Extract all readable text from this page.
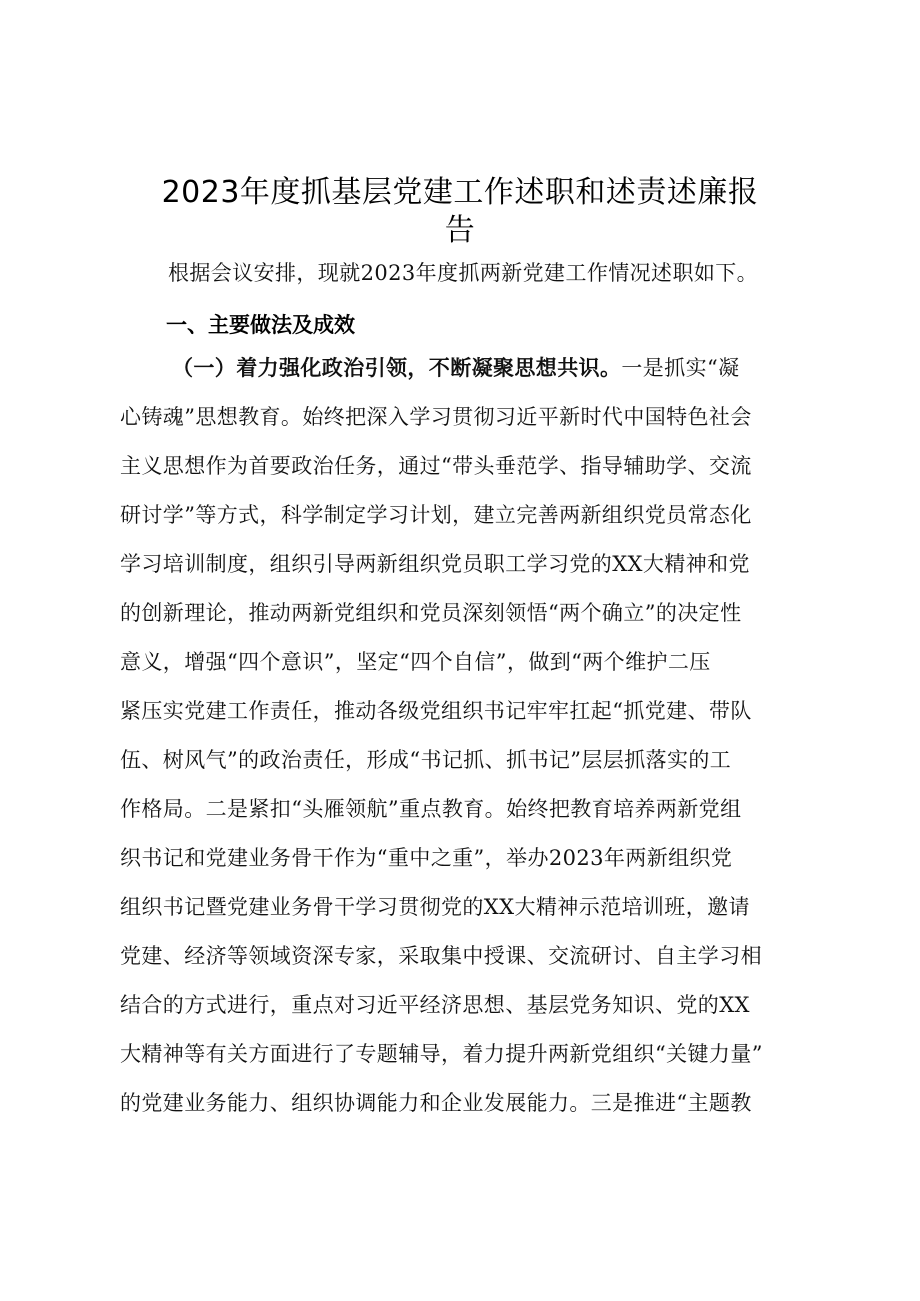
2023年度抓基层党建工作述职和述责述廉报
告
根据会议安排，现就2023年度抓两新党建工作情况述职如下。
一、主要做法及成效
（一）着力强化政治引领，不断凝聚思想共识。一是抓实“凝
心铸魂”思想教育。始终把深入学习贯彻习近平新时代中国特色社会
主义思想作为首要政治任务，通过“带头垂范学、指导辅助学、交流
研讨学”等方式，科学制定学习计划，建立完善两新组织党员常态化
学习培训制度，组织引导两新组织党员职工学习党的XX大精神和党
的创新理论，推动两新党组织和党员深刻领悟“两个确立”的决定性
意义，增强“四个意识”，坚定“四个自信”，做到“两个维护二压
紧压实党建工作责任，推动各级党组织书记牢牢扛起“抓党建、带队
伍、树风气”的政治责任，形成“书记抓、抓书记”层层抓落实的工
作格局。二是紧扣“头雁领航”重点教育。始终把教育培养两新党组
织书记和党建业务骨干作为“重中之重”，举办2023年两新组织党
组织书记暨党建业务骨干学习贯彻党的XX大精神示范培训班，邀请
党建、经济等领域资深专家，采取集中授课、交流研讨、自主学习相
结合的方式进行，重点对习近平经济思想、基层党务知识、党的XX
大精神等有关方面进行了专题辅导，着力提升两新党组织“关键力量”
的党建业务能力、组织协调能力和企业发展能力。三是推进“主题教
